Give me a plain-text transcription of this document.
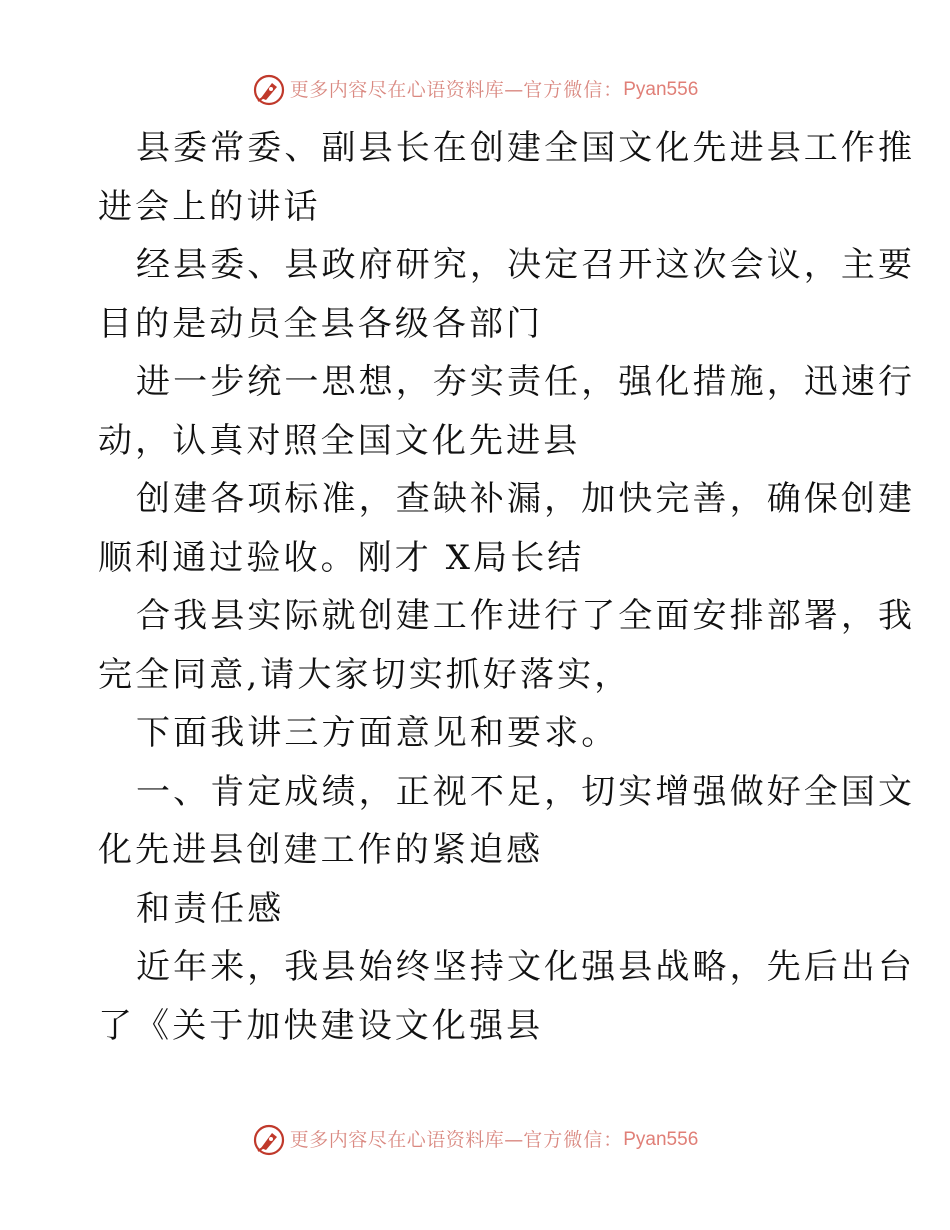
更多内容尽在心语资料库 — 官方微信： Pyan556
县委常委、副县长在创建全国文化先进县工作推
进会上的讲话
经县委、县政府研究，决定召开这次会议，主要
目的是动员全县各级各部门
进一步统一思想，夯实责任，强化措施，迅速行
动，认真对照全国文化先进县
创建各项标准，查缺补漏，加快完善，确保创建
顺利通过验收。刚才 X局长结
合我县实际就创建工作进行了全面安排部署，我
完全同意,请大家切实抓好落实，
下面我讲三方面意见和要求。
一、肯定成绩，正视不足，切实增强做好全国文
化先进县创建工作的紧迫感
和责任感
近年来，我县始终坚持文化强县战略，先后出台
了《关于加快建设文化强县
更多内容尽在心语资料库 — 官方微信： Pyan556
